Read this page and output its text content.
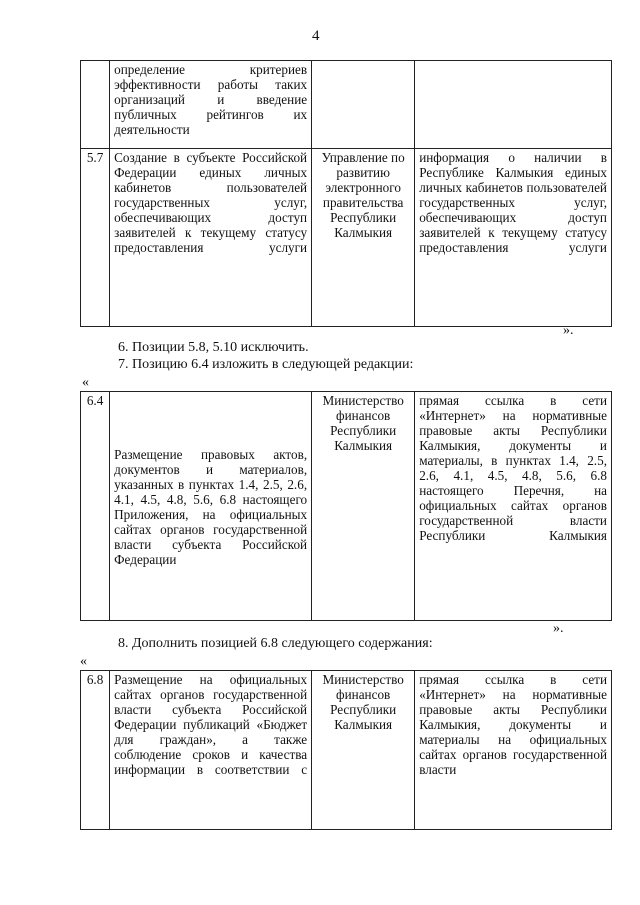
4
	определение критериев эффективности работы таких организаций и введение публичных рейтингов их деятельности		
5.7	Создание в субъекте Российской Федерации единых личных кабинетов пользователей государственных услуг, обеспечивающих доступ заявителей к текущему статусу предоставления услуги	Управление по развитию электронного правительства Республики Калмыкия	информация о наличии в Республике Калмыкия единых личных кабинетов пользователей государственных услуг, обеспечивающих доступ заявителей к текущему статусу предоставления услуги
».
6. Позиции 5.8, 5.10 исключить.
7. Позицию 6.4 изложить в следующей редакции:
«
6.4	Размещение правовых актов, документов и материалов, указанных в пунктах 1.4, 2.5, 2.6, 4.1, 4.5, 4.8, 5.6, 6.8 настоящего Приложения, на официальных сайтах органов государственной власти субъекта Российской Федерации	Министерство финансов Республики Калмыкия	прямая ссылка в сети «Интернет» на нормативные правовые акты Республики Калмыкия, документы и материалы, в пунктах 1.4, 2.5, 2.6, 4.1, 4.5, 4.8, 5.6, 6.8 настоящего Перечня, на официальных сайтах органов государственной власти Республики Калмыкия
».
8. Дополнить позицией 6.8 следующего содержания:
«
6.8	Размещение на официальных сайтах органов государственной власти субъекта Российской Федерации публикаций «Бюджет для граждан», а также соблюдение сроков и качества информации в соответствии с	Министерство финансов Республики Калмыкия	прямая ссылка в сети «Интернет» на нормативные правовые акты Республики Калмыкия, документы и материалы на официальных сайтах органов государственной власти
